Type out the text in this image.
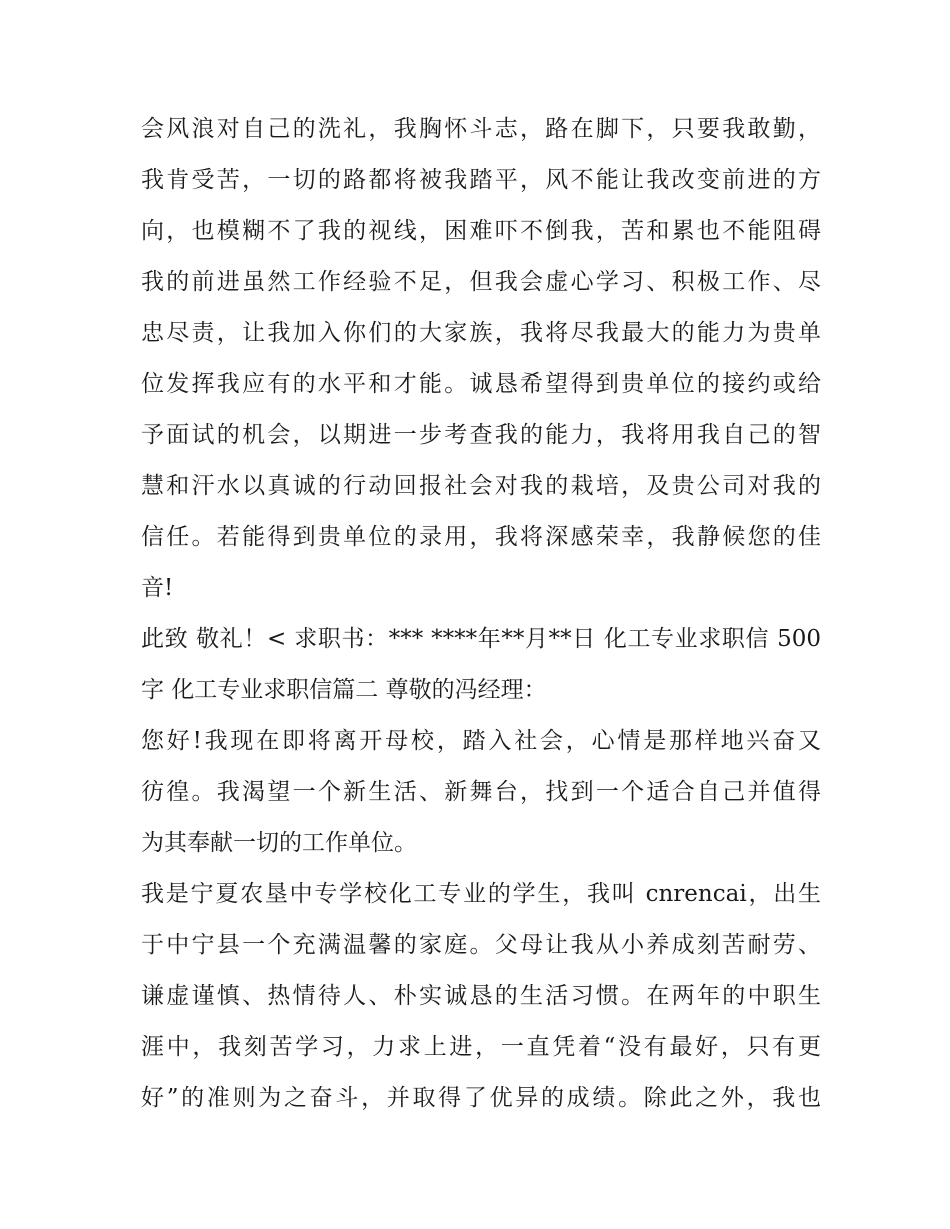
会风浪对自己的洗礼，我胸怀斗志，路在脚下，只要我敢勤，
我肯受苦，一切的路都将被我踏平，风不能让我改变前进的方
向，也模糊不了我的视线，困难吓不倒我，苦和累也不能阻碍
我的前进虽然工作经验不足，但我会虚心学习、积极工作、尽
忠尽责，让我加入你们的大家族，我将尽我最大的能力为贵单
位发挥我应有的水平和才能。诚恳希望得到贵单位的接约或给
予面试的机会，以期进一步考查我的能力，我将用我自己的智
慧和汗水以真诚的行动回报社会对我的栽培，及贵公司对我的
信任。若能得到贵单位的录用，我将深感荣幸，我静候您的佳
音!
此致 敬礼！< 求职书：*** ****年**月**日 化工专业求职信 500
字 化工专业求职信篇二 尊敬的冯经理：
您好!我现在即将离开母校，踏入社会，心情是那样地兴奋又
彷徨。我渴望一个新生活、新舞台，找到一个适合自己并值得
为其奉献一切的工作单位。
我是宁夏农垦中专学校化工专业的学生，我叫 cnrencai，出生
于中宁县一个充满温馨的家庭。父母让我从小养成刻苦耐劳、
谦虚谨慎、热情待人、朴实诚恳的生活习惯。在两年的中职生
涯中，我刻苦学习，力求上进，一直凭着“没有最好，只有更
好”的准则为之奋斗，并取得了优异的成绩。除此之外，我也
